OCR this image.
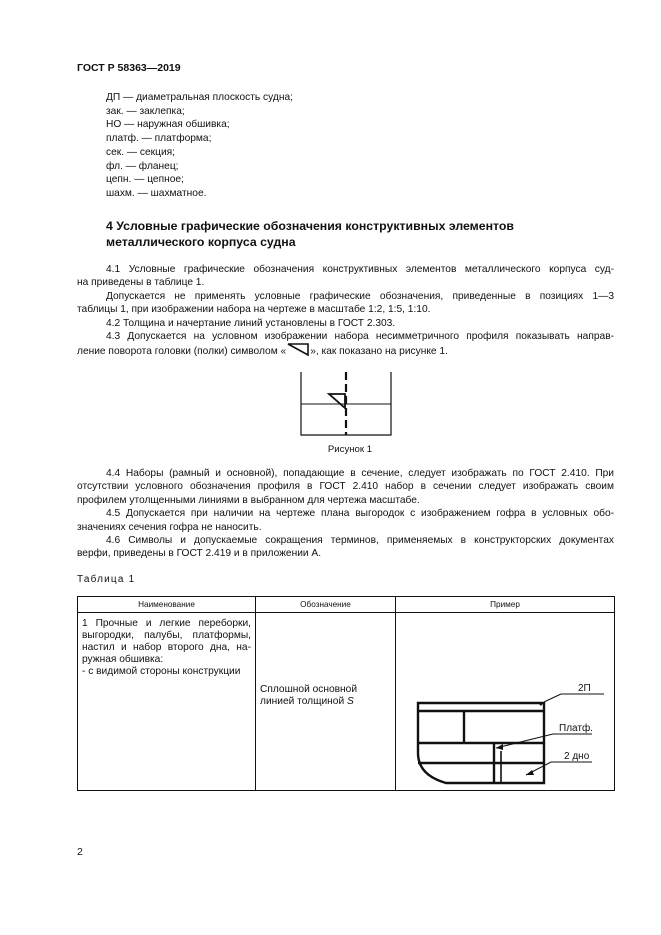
ГОСТ Р 58363—2019
ДП — диаметральная плоскость судна;
зак. — заклепка;
НО — наружная обшивка;
платф. — платформа;
сек. — секция;
фл. — фланец;
цепн. — цепное;
шахм. — шахматное.
4 Условные графические обозначения конструктивных элементов
металлического корпуса судна
4.1 Условные графические обозначения конструктивных элементов металлического корпуса суд-
на приведены в таблице 1.
Допускается не применять условные графические обозначения, приведенные в позициях 1—3
таблицы 1, при изображении набора на чертеже в масштабе 1:2, 1:5, 1:10.
4.2 Толщина и начертание линий установлены в ГОСТ 2.303.
4.3 Допускается на условном изображении набора несимметричного профиля показывать направ-
ление поворота головки (полки) символом « », как показано на рисунке 1.
Рисунок 1
4.4 Наборы (рамный и основной), попадающие в сечение, следует изображать по ГОСТ 2.410. При
отсутствии условного обозначения профиля в ГОСТ 2.410 набор в сечении следует изображать своим
профилем утолщенными линиями в выбранном для чертежа масштабе.
4.5 Допускается при наличии на чертеже плана выгородок с изображением гофра в условных обо-
значениях сечения гофра не наносить.
4.6 Символы и допускаемые сокращения терминов, применяемых в конструкторских документах
верфи, приведены в ГОСТ 2.419 и в приложении А.
Таблица 1
Наименование	Обозначение	Пример

1 Прочные и легкие переборки,
выгородки, палубы, платформы,
настил и набор второго дна, на-
ружная обшивка:
- с видимой стороны конструкции	Сплошной основной линией толщиной S	2П
Платф.
2 дно
2
